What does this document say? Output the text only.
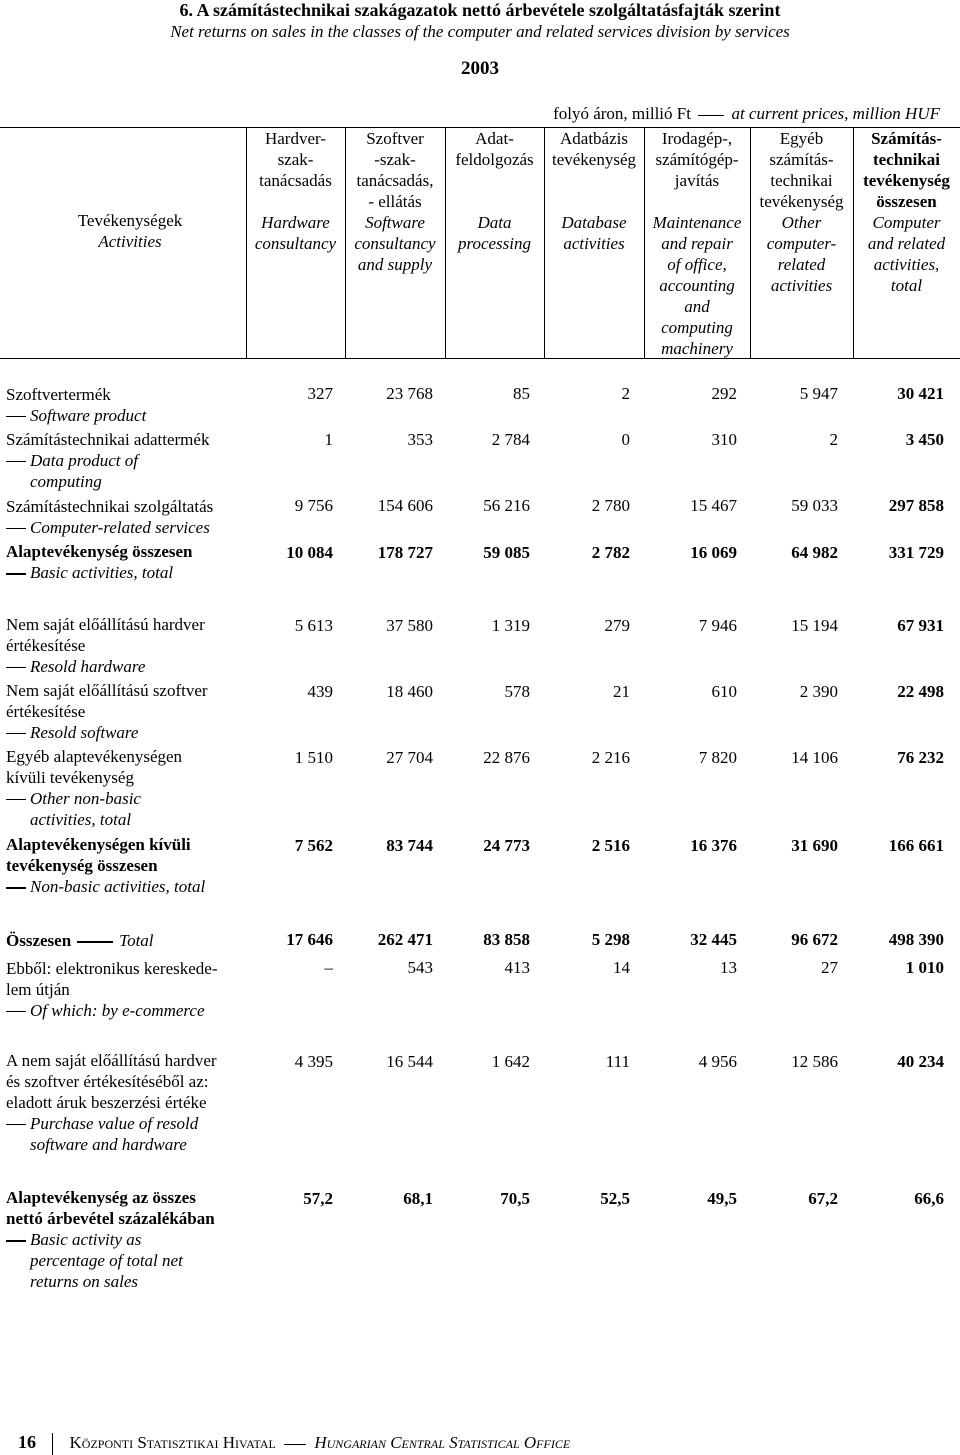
6. A számítástechnikai szakágazatok nettó árbevétele szolgáltatásfajták szerint
Net returns on sales in the classes of the computer and related services division by services
2003
folyó áron, millió Ft at current prices, million HUF
Tevékenységek
Activities
Hardver-
szak-
tanácsadás

Hardware
consultancy
Szoftver
-szak-
tanácsadás,
- ellátás
Software
consultancy
and supply
Adat-
feldolgozás

Data
processing
Adatbázis
tevékenység

Database
activities
Irodagép-,
számítógép-
javítás

Maintenance
and repair
of office,
accounting
and
computing
machinery
Egyéb
számítás-
technikai
tevékenység
Other
computer-
related
activities
Számítás-
technikai
tevékenység
összesen
Computer
and related
activities,
total
Szoftvertermék
Software product
327	23 768	85	2	292	5 947	30 421
Számítástechnikai adattermék
Data product of
computing
1	353	2 784	0	310	2	3 450
Számítástechnikai szolgáltatás
Computer-related services
9 756	154 606	56 216	2 780	15 467	59 033	297 858
Alaptevékenység összesen
Basic activities, total
10 084	178 727	59 085	2 782	16 069	64 982	331 729
Nem saját előállítású hardver
értékesítése
Resold hardware
5 613	37 580	1 319	279	7 946	15 194	67 931
Nem saját előállítású szoftver
értékesítése
Resold software
439	18 460	578	21	610	2 390	22 498
Egyéb alaptevékenységen
kívüli tevékenység
Other non-basic
activities, total
1 510	27 704	22 876	2 216	7 820	14 106	76 232
Alaptevékenységen kívüli
tevékenység összesen
Non-basic activities, total
7 562	83 744	24 773	2 516	16 376	31 690	166 661
Összesen	Total	17 646	262 471	83 858	5 298	32 445	96 672	498 390
Ebből: elektronikus kereskede-
lem útján
Of which: by e-commerce
–	543	413	14	13	27	1 010
A nem saját előállítású hardver
és szoftver értékesítéséből az:
eladott áruk beszerzési értéke
Purchase value of resold
software and hardware
4 395	16 544	1 642	111	4 956	12 586	40 234
Alaptevékenység az összes
nettó árbevétel százalékában
Basic activity as
percentage of total net
returns on sales
57,2	68,1	70,5	52,5	49,5	67,2	66,6
16 Központi Statisztikai Hivatal Hungarian Central Statistical Office
